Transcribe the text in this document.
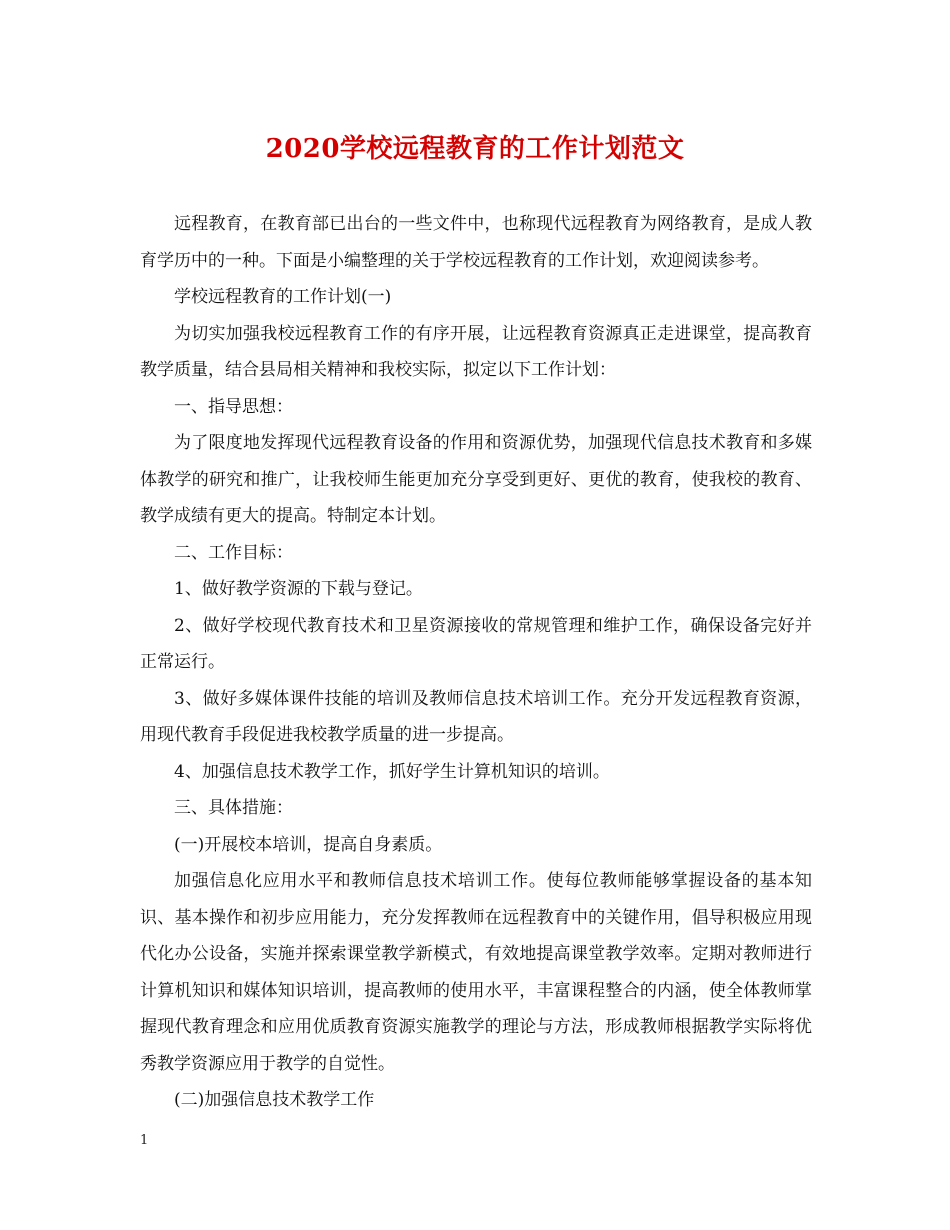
2020学校远程教育的工作计划范文

远程教育，在教育部已出台的一些文件中，也称现代远程教育为网络教育，是成人教育学历中的一种。下面是小编整理的关于学校远程教育的工作计划，欢迎阅读参考。

学校远程教育的工作计划(一)

为切实加强我校远程教育工作的有序开展，让远程教育资源真正走进课堂，提高教育教学质量，结合县局相关精神和我校实际，拟定以下工作计划：

一、指导思想：

为了限度地发挥现代远程教育设备的作用和资源优势，加强现代信息技术教育和多媒体教学的研究和推广，让我校师生能更加充分享受到更好、更优的教育，使我校的教育、教学成绩有更大的提高。特制定本计划。

二、工作目标：

1、做好教学资源的下载与登记。

2、做好学校现代教育技术和卫星资源接收的常规管理和维护工作，确保设备完好并正常运行。

3、做好多媒体课件技能的培训及教师信息技术培训工作。充分开发远程教育资源，用现代教育手段促进我校教学质量的进一步提高。

4、加强信息技术教学工作，抓好学生计算机知识的培训。

三、具体措施：

(一)开展校本培训，提高自身素质。

加强信息化应用水平和教师信息技术培训工作。使每位教师能够掌握设备的基本知识、基本操作和初步应用能力，充分发挥教师在远程教育中的关键作用，倡导积极应用现代化办公设备，实施并探索课堂教学新模式，有效地提高课堂教学效率。定期对教师进行计算机知识和媒体知识培训，提高教师的使用水平，丰富课程整合的内涵，使全体教师掌握现代教育理念和应用优质教育资源实施教学的理论与方法，形成教师根据教学实际将优秀教学资源应用于教学的自觉性。

(二)加强信息技术教学工作

1
